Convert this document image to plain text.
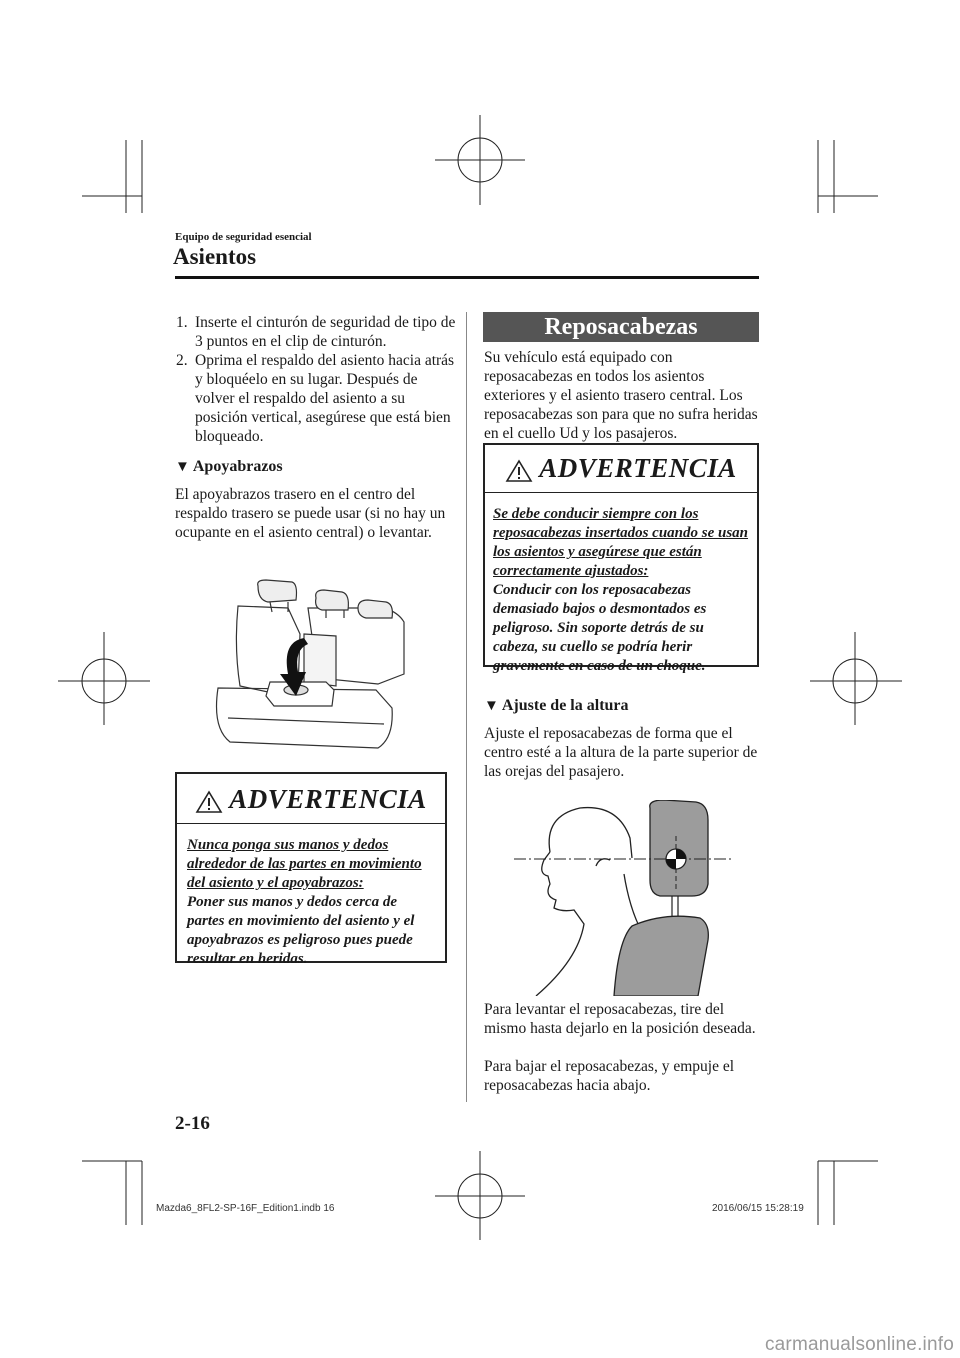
Equipo de seguridad esencial
Asientos
1. Inserte el cinturón de seguridad de tipo de 3 puntos en el clip de cinturón.
2. Oprima el respaldo del asiento hacia atrás y bloquéelo en su lugar. Después de volver el respaldo del asiento a su posición vertical, asegúrese que está bien bloqueado.
▼ Apoyabrazos

El apoyabrazos trasero en el centro del respaldo trasero se puede usar (si no hay un ocupante en el asiento central) o levantar.

ADVERTENCIA
Nunca ponga sus manos y dedos alrededor de las partes en movimiento del asiento y el apoyabrazos:
Poner sus manos y dedos cerca de partes en movimiento del asiento y el apoyabrazos es peligroso pues puede resultar en heridas.
Reposacabezas

Su vehículo está equipado con reposacabezas en todos los asientos exteriores y el asiento trasero central. Los reposacabezas son para que no sufra heridas en el cuello Ud y los pasajeros.

ADVERTENCIA
Se debe conducir siempre con los reposacabezas insertados cuando se usan los asientos y asegúrese que están correctamente ajustados:
Conducir con los reposacabezas demasiado bajos o desmontados es peligroso. Sin soporte detrás de su cabeza, su cuello se podría herir gravemente en caso de un choque.
▼ Ajuste de la altura

Ajuste el reposacabezas de forma que el centro esté a la altura de la parte superior de las orejas del pasajero.

Para levantar el reposacabezas, tire del mismo hasta dejarlo en la posición deseada.

Para bajar el reposacabezas, y empuje el reposacabezas hacia abajo.

2-16
Mazda6_8FL2-SP-16F_Edition1.indb 16	2016/06/15 15:28:19
carmanualsonline.info
